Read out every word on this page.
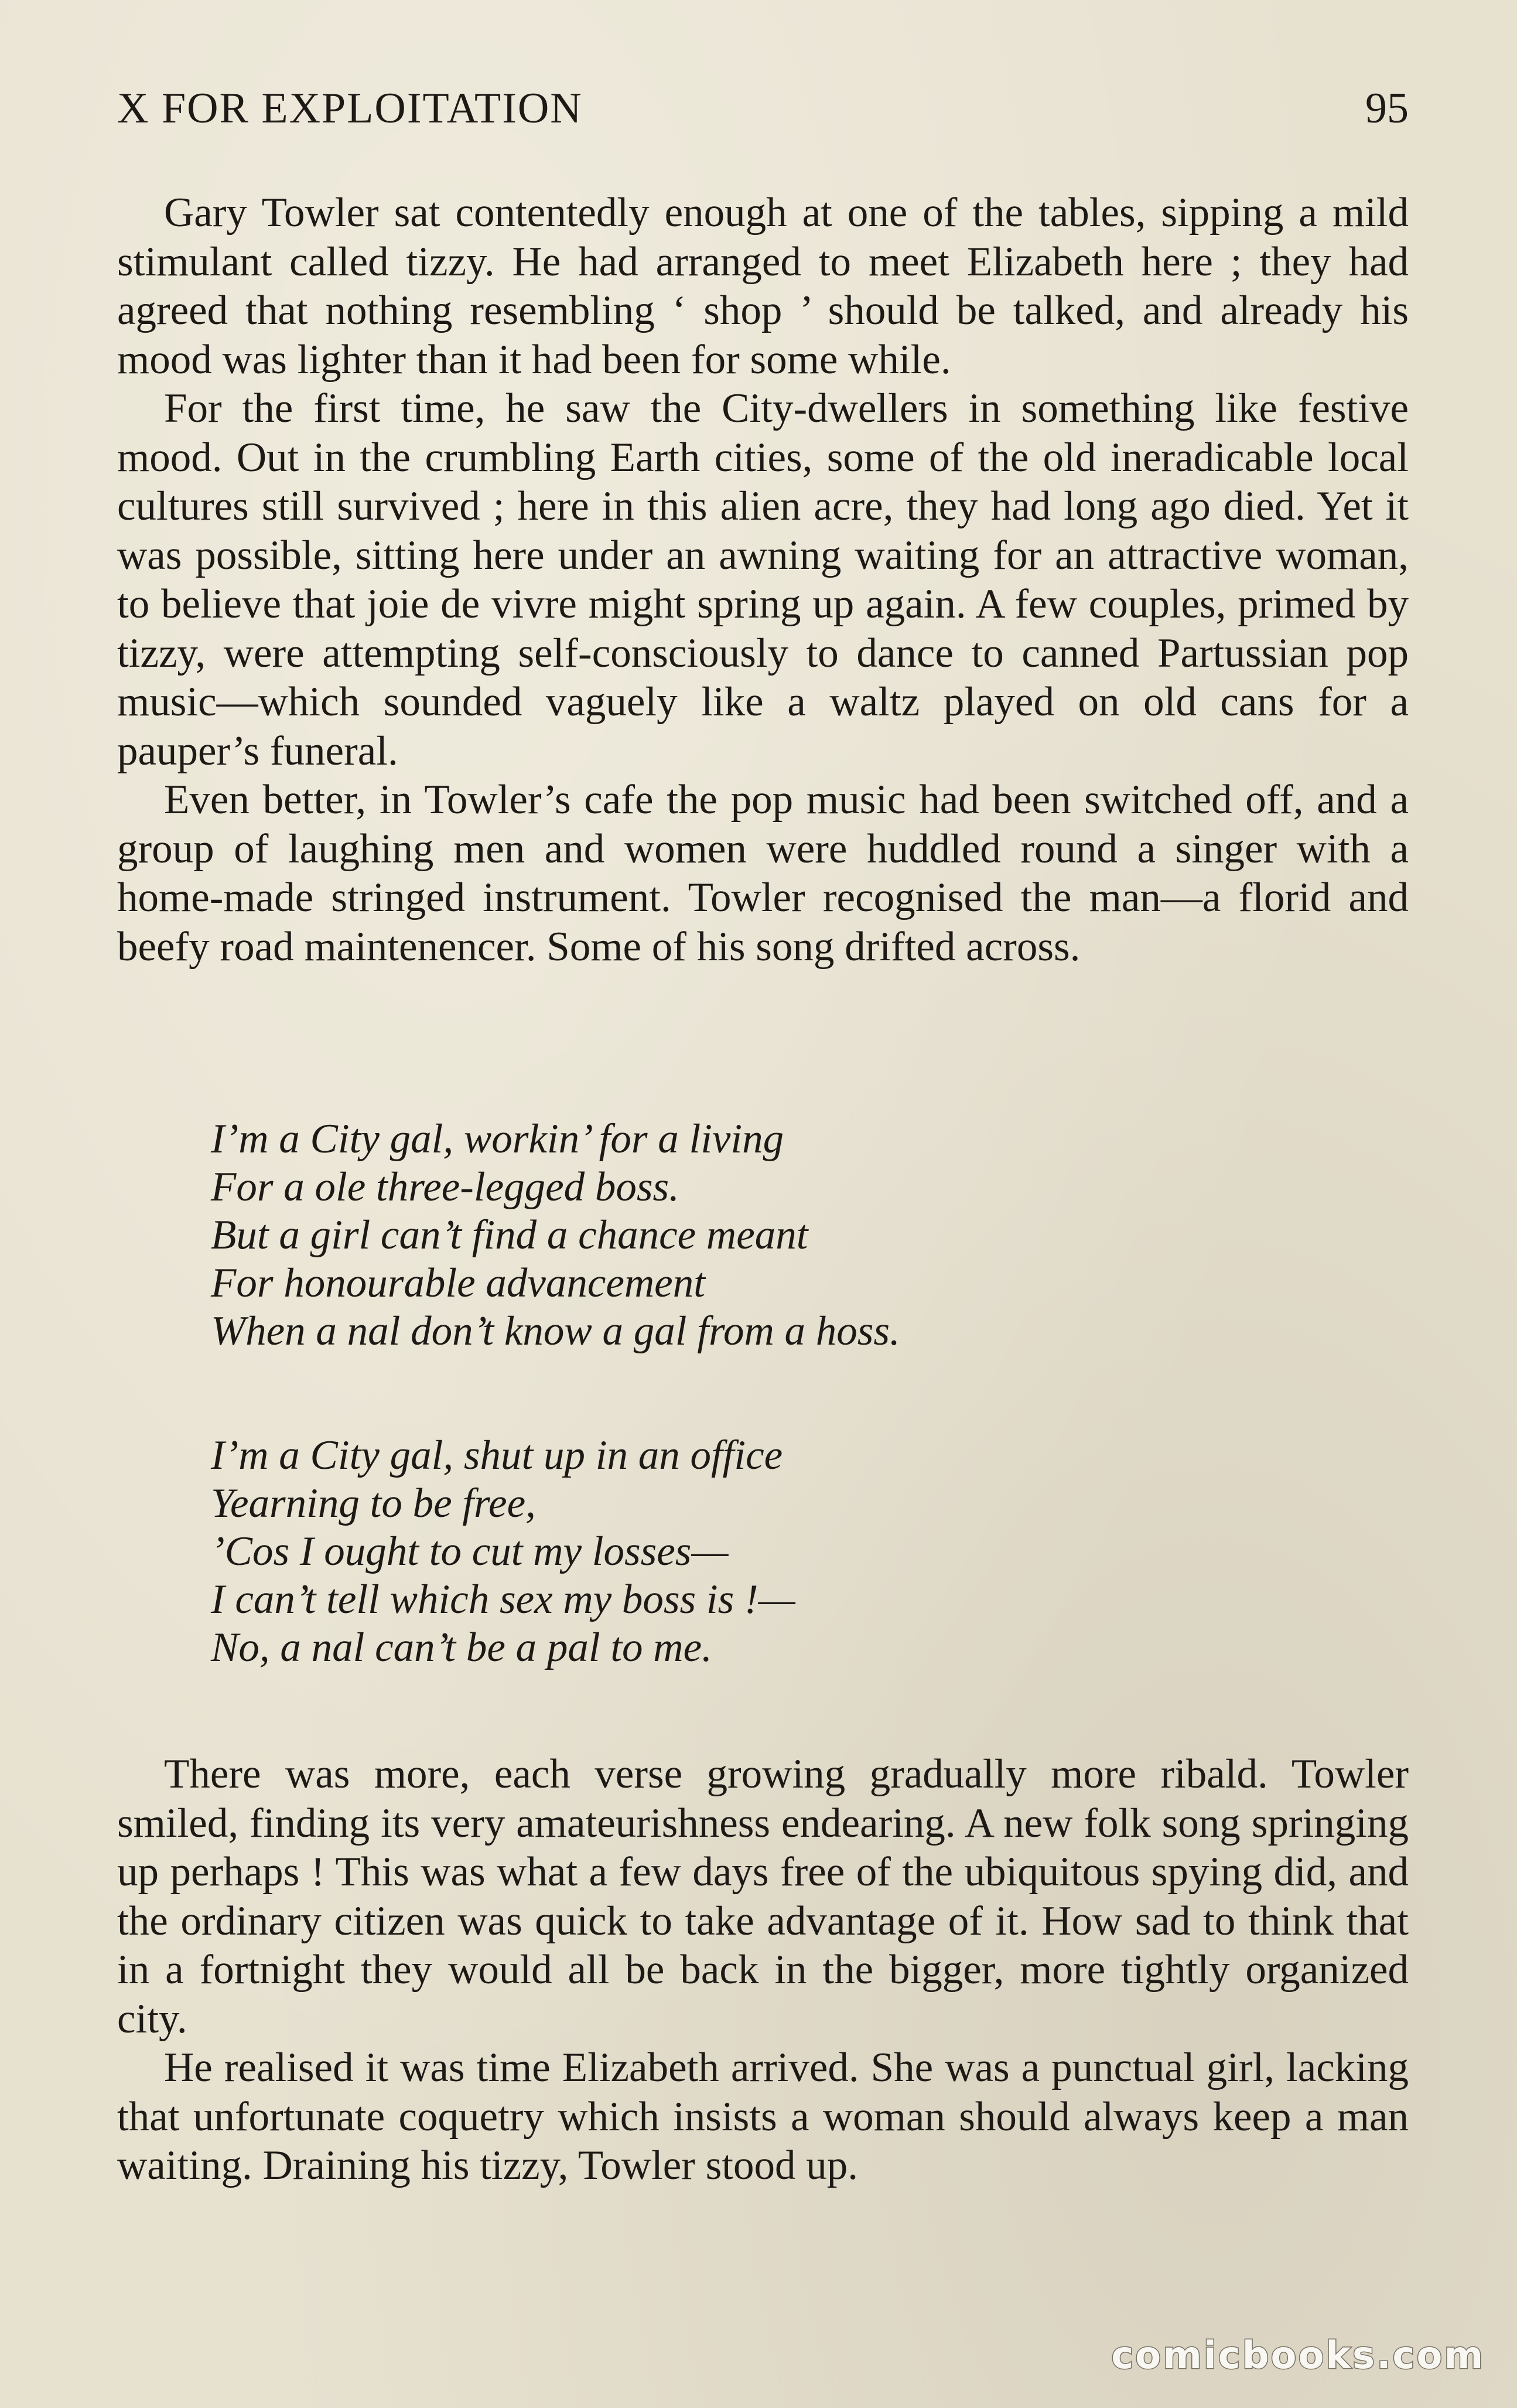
X FOR EXPLOITATION	95

Gary Towler sat contentedly enough at one of the tables, sipping a mild stimulant called tizzy. He had arranged to meet Elizabeth here ; they had agreed that nothing resembling ‘ shop ’ should be talked, and already his mood was lighter than it had been for some while.

For the first time, he saw the City-dwellers in something like festive mood. Out in the crumbling Earth cities, some of the old ineradicable local cultures still survived ; here in this alien acre, they had long ago died. Yet it was possible, sitting here under an awning waiting for an attractive woman, to believe that joie de vivre might spring up again. A few couples, primed by tizzy, were attempting self-consciously to dance to canned Partussian pop music—which sounded vaguely like a waltz played on old cans for a pauper’s funeral.

Even better, in Towler’s cafe the pop music had been switched off, and a group of laughing men and women were huddled round a singer with a home-made stringed instrument. Towler recognised the man—a florid and beefy road maintenencer. Some of his song drifted across.

I’m a City gal, workin’ for a living
For a ole three-legged boss.
But a girl can’t find a chance meant
For honourable advancement
When a nal don’t know a gal from a hoss.
I’m a City gal, shut up in an office
Yearning to be free,
’Cos I ought to cut my losses—
I can’t tell which sex my boss is !—
No, a nal can’t be a pal to me.

There was more, each verse growing gradually more ribald. Towler smiled, finding its very amateurishness endearing. A new folk song springing up perhaps ! This was what a few days free of the ubiquitous spying did, and the ordinary citizen was quick to take advantage of it. How sad to think that in a fortnight they would all be back in the bigger, more tightly organized city.

He realised it was time Elizabeth arrived. She was a punctual girl, lacking that unfortunate coquetry which insists a woman should always keep a man waiting. Draining his tizzy, Towler stood up.

comicbooks.com
